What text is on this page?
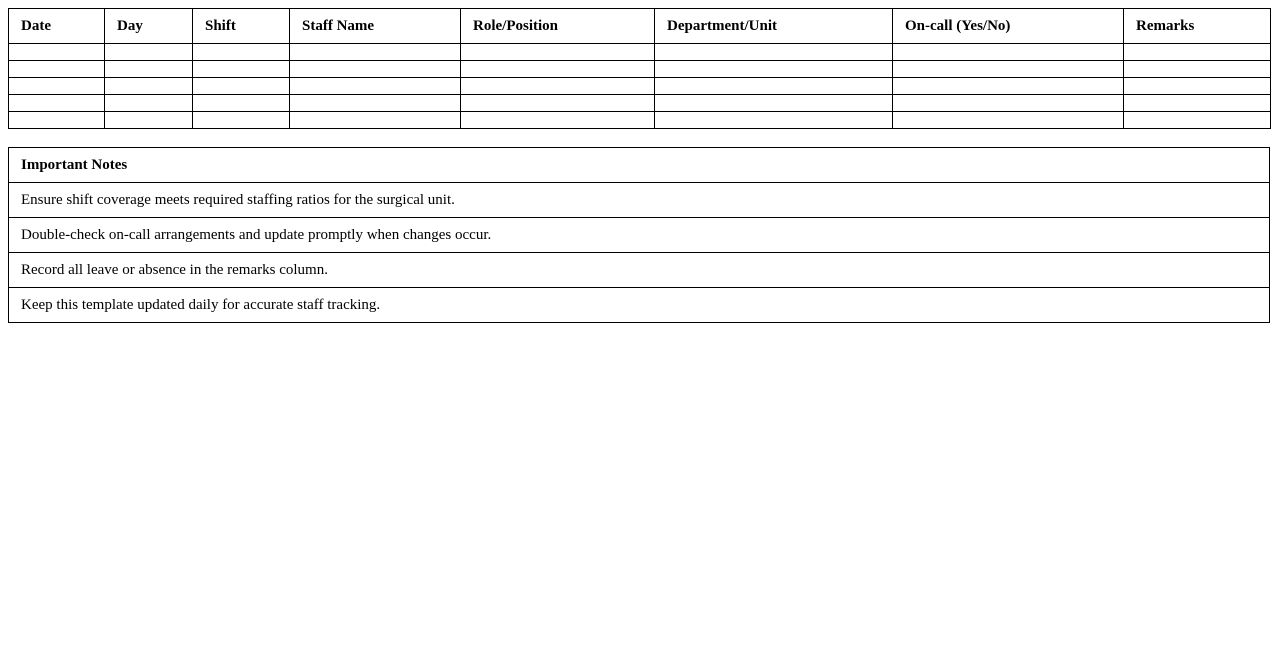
Date	Day	Shift	Staff Name	Role/Position	Department/Unit	On-call (Yes/No)	Remarks

Important Notes
Ensure shift coverage meets required staffing ratios for the surgical unit.
Double-check on-call arrangements and update promptly when changes occur.
Record all leave or absence in the remarks column.
Keep this template updated daily for accurate staff tracking.
